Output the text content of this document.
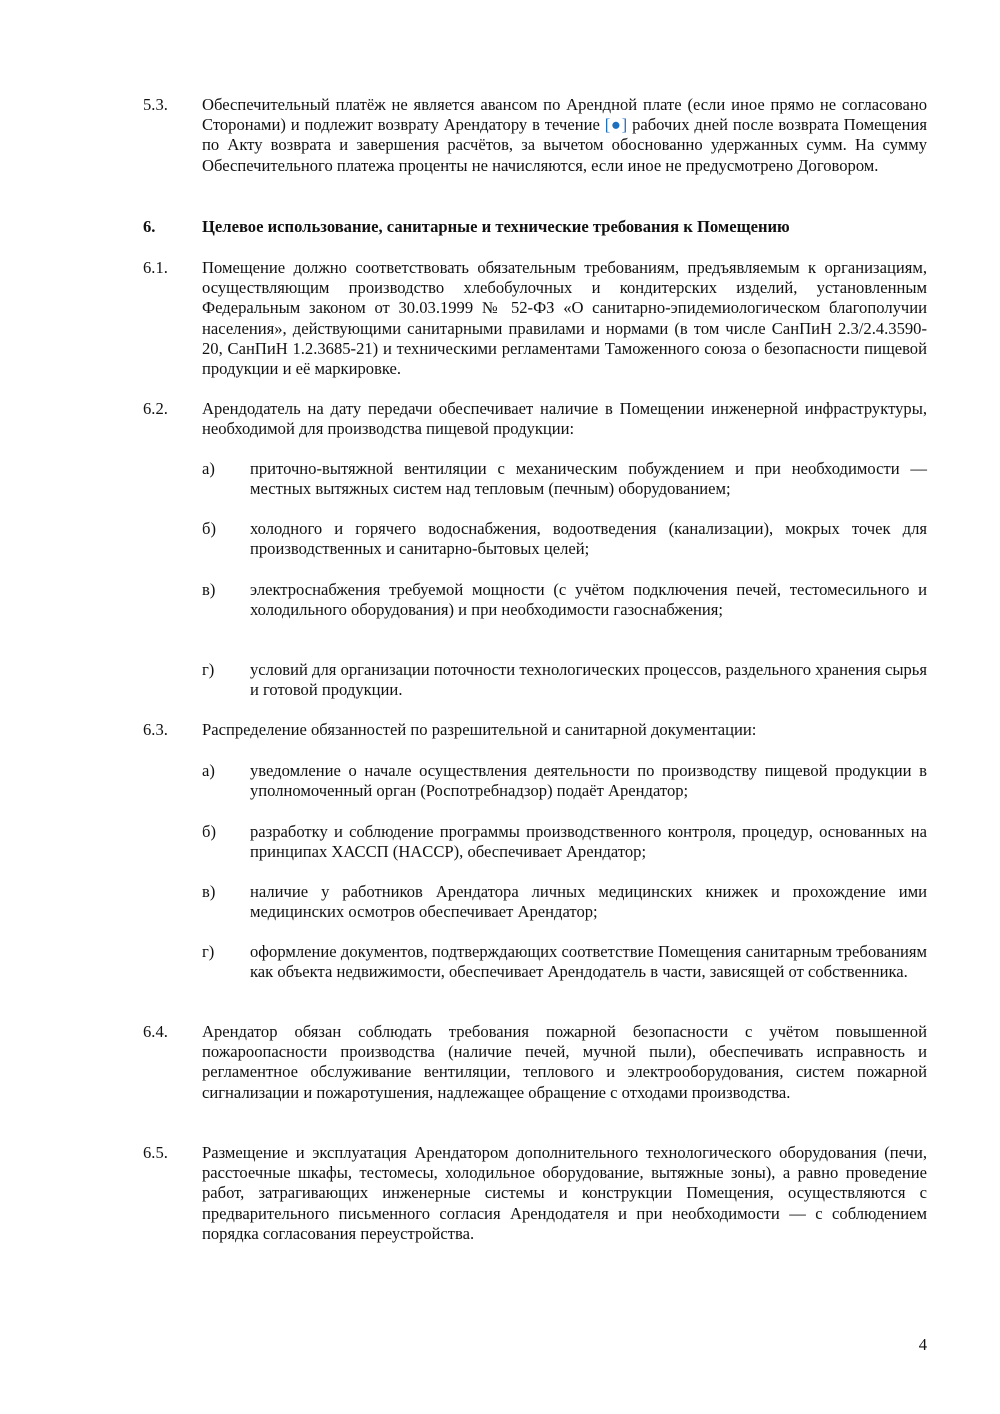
5.3.	Обеспечительный платёж не является авансом по Арендной плате (если иное прямо не согласовано Сторонами) и подлежит возврату Арендатору в течение [●] рабочих дней после возврата Помещения по Акту возврата и завершения расчётов, за вычетом обоснованно удержанных сумм. На сумму Обеспечительного платежа проценты не начисляются, если иное не предусмотрено Договором.
6.	Целевое использование, санитарные и технические требования к Помещению
6.1.	Помещение должно соответствовать обязательным требованиям, предъявляемым к организациям, осуществляющим производство хлебобулочных и кондитерских изделий, установленным Федеральным законом от 30.03.1999 № 52-ФЗ «О санитарно-эпидемиологическом благополучии населения», действующими санитарными правилами и нормами (в том числе СанПиН 2.3/2.4.3590-20, СанПиН 1.2.3685-21) и техническими регламентами Таможенного союза о безопасности пищевой продукции и её маркировке.
6.2.	Арендодатель на дату передачи обеспечивает наличие в Помещении инженерной инфраструктуры, необходимой для производства пищевой продукции:
а)	приточно-вытяжной вентиляции с механическим побуждением и при необходимости — местных вытяжных систем над тепловым (печным) оборудованием;
б)	холодного и горячего водоснабжения, водоотведения (канализации), мокрых точек для производственных и санитарно-бытовых целей;
в)	электроснабжения требуемой мощности (с учётом подключения печей, тестомесильного и холодильного оборудования) и при необходимости газоснабжения;
г)	условий для организации поточности технологических процессов, раздельного хранения сырья и готовой продукции.
6.3.	Распределение обязанностей по разрешительной и санитарной документации:
а)	уведомление о начале осуществления деятельности по производству пищевой продукции в уполномоченный орган (Роспотребнадзор) подаёт Арендатор;
б)	разработку и соблюдение программы производственного контроля, процедур, основанных на принципах ХАССП (HACCP), обеспечивает Арендатор;
в)	наличие у работников Арендатора личных медицинских книжек и прохождение ими медицинских осмотров обеспечивает Арендатор;
г)	оформление документов, подтверждающих соответствие Помещения санитарным требованиям как объекта недвижимости, обеспечивает Арендодатель в части, зависящей от собственника.
6.4.	Арендатор обязан соблюдать требования пожарной безопасности с учётом повышенной пожароопасности производства (наличие печей, мучной пыли), обеспечивать исправность и регламентное обслуживание вентиляции, теплового и электрооборудования, систем пожарной сигнализации и пожаротушения, надлежащее обращение с отходами производства.
6.5.	Размещение и эксплуатация Арендатором дополнительного технологического оборудования (печи, расстоечные шкафы, тестомесы, холодильное оборудование, вытяжные зоны), а равно проведение работ, затрагивающих инженерные системы и конструкции Помещения, осуществляются с предварительного письменного согласия Арендодателя и при необходимости — с соблюдением порядка согласования переустройства.
4
